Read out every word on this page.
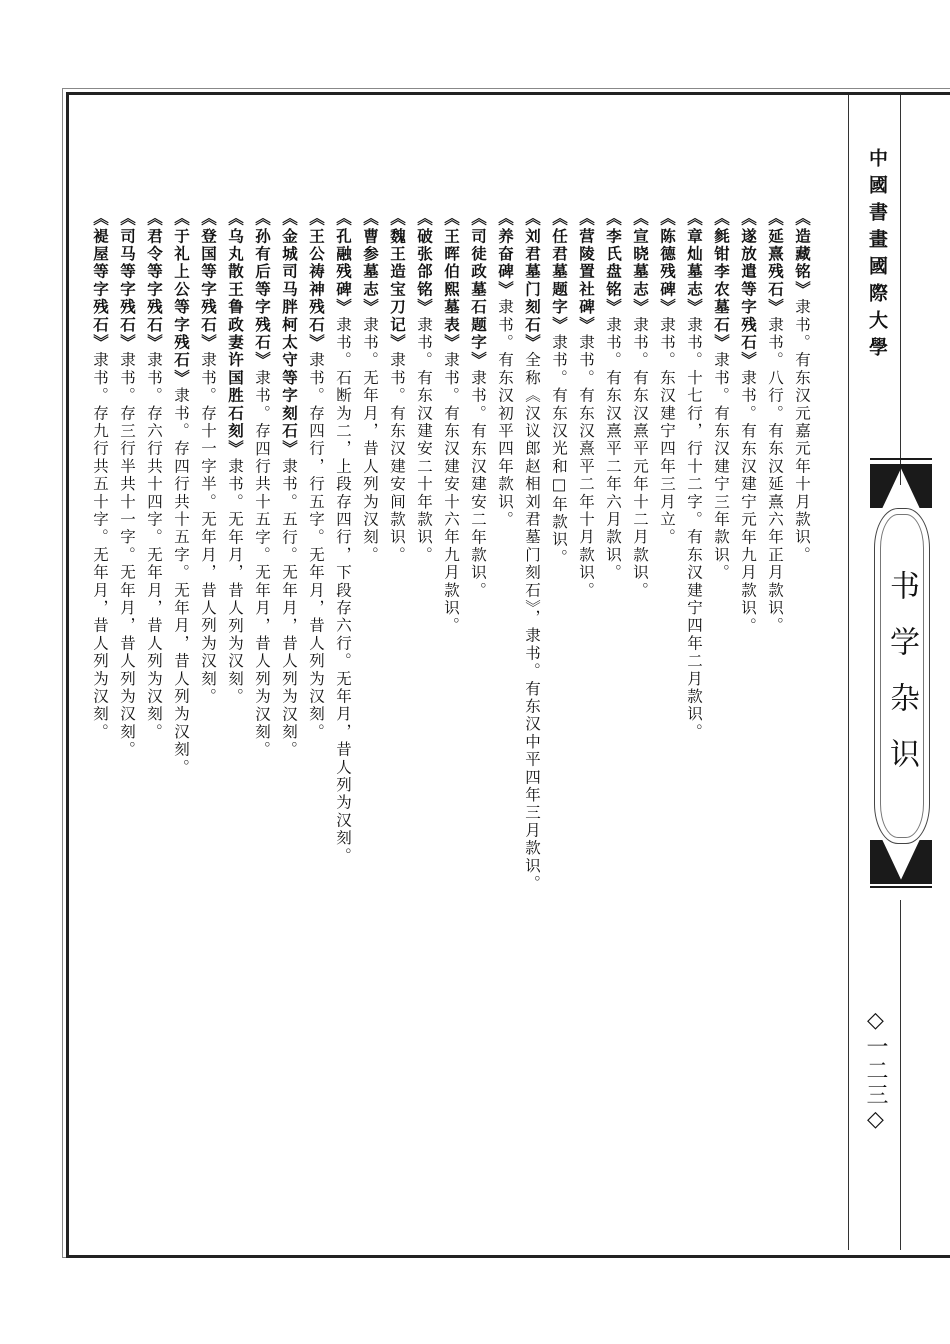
中國書畫國際大學
书学杂识
◇一二三◇
《造藏铭》隶书。有东汉元嘉元年十月款识。
《延熹残石》隶书。八行。有东汉延熹六年正月款识。
《遂放遣等字残石》隶书。有东汉建宁元年九月款识。
《毵钳李农墓石》隶书。有东汉建宁三年款识。
《章灿墓志》隶书。十七行，行十二字。有东汉建宁四年二月款识。
《陈德残碑》隶书。东汉建宁四年三月立。
《宣晓墓志》隶书。有东汉熹平元年十二月款识。
《李氏盘铭》隶书。有东汉熹平二年六月款识。
《营陵置社碑》隶书。有东汉熹平二年十月款识。
《任君墓题字》隶书。有东汉光和□年款识。
《刘君墓门刻石》全称《汉议郎赵相刘君墓门刻石》，隶书。有东汉中平四年三月款识。
《养奋碑》隶书。有东汉初平四年款识。
《司徒政墓石题字》隶书。有东汉建安二年款识。
《王晖伯熙墓表》隶书。有东汉建安十六年九月款识。
《破张郃铭》隶书。有东汉建安二十年款识。
《魏王造宝刀记》隶书。有东汉建安间款识。
《曹参墓志》隶书。无年月，昔人列为汉刻。
《孔融残碑》隶书。石断为二，上段存四行，下段存六行。无年月，昔人列为汉刻。
《王公祷神残石》隶书。存四行，行五字。无年月，昔人列为汉刻。
《金城司马胖柯太守等字刻石》隶书。五行。无年月，昔人列为汉刻。
《孙有后等字残石》隶书。存四行共十五字。无年月，昔人列为汉刻。
《乌丸散王鲁政妻许国胜石刻》隶书。无年月，昔人列为汉刻。
《登国等字残石》隶书。存十一字半。无年月，昔人列为汉刻。
《于礼上公等字残石》隶书。存四行共十五字。无年月，昔人列为汉刻。
《君令等字残石》隶书。存六行共十四字。无年月，昔人列为汉刻。
《司马等字残石》隶书。存三行半共十一字。无年月，昔人列为汉刻。
《褆屋等字残石》隶书。存九行共五十字。无年月，昔人列为汉刻。
